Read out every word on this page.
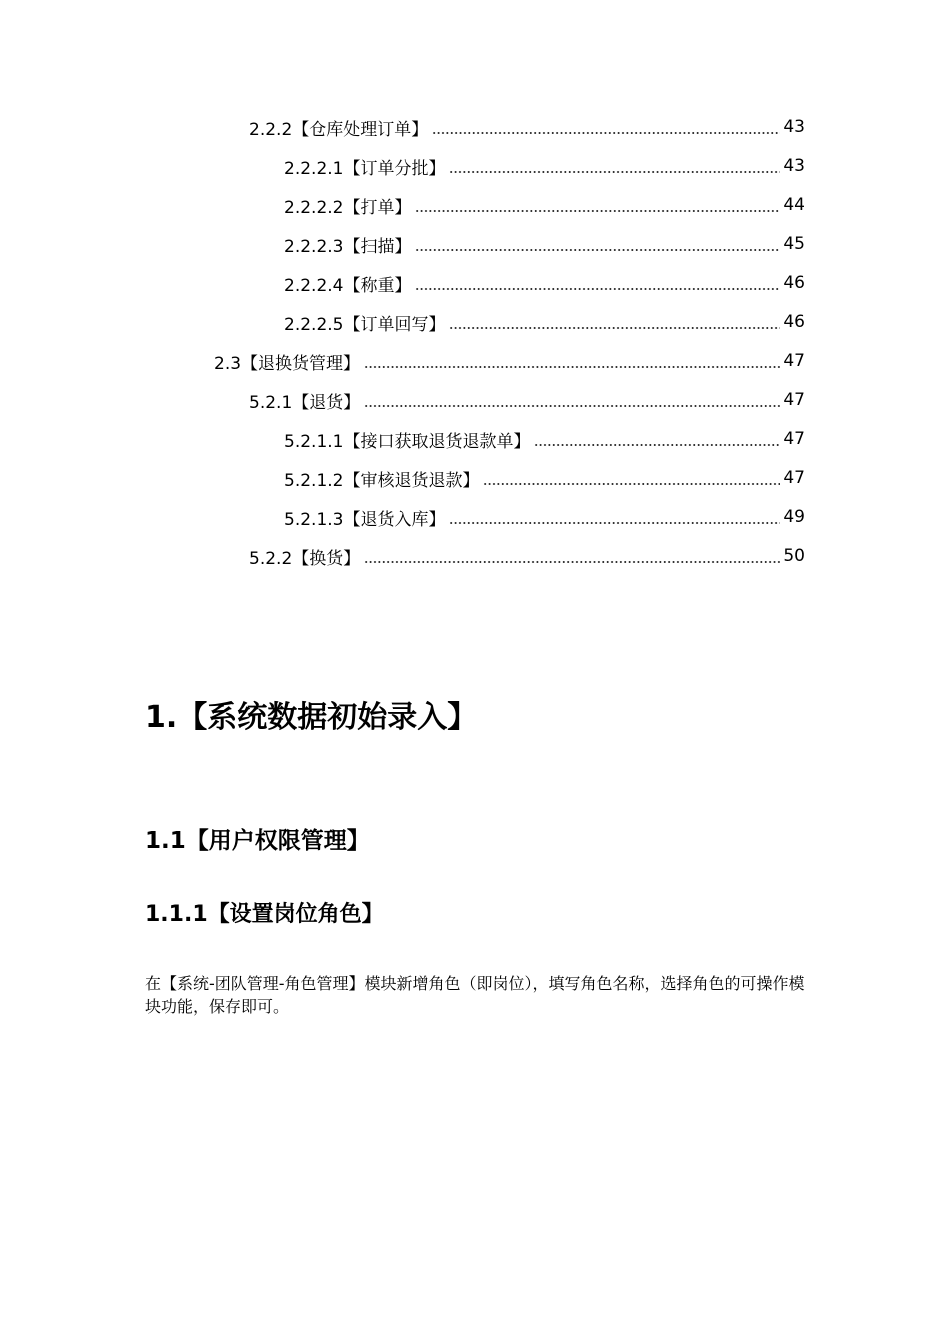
2.2.2【仓库处理订单】	43
2.2.2.1【订单分批】	43
2.2.2.2【打单】	44
2.2.2.3【扫描】	45
2.2.2.4【称重】	46
2.2.2.5【订单回写】	46
2.3【退换货管理】	47
5.2.1【退货】	47
5.2.1.1【接口获取退货退款单】	47
5.2.1.2【审核退货退款】	47
5.2.1.3【退货入库】	49
5.2.2【换货】	50
1.【系统数据初始录入】
1.1【用户权限管理】
1.1.1【设置岗位角色】
在【系统-团队管理-角色管理】模块新增角色（即岗位），填写角色名称，选择角色的可操作模块功能，保存即可。
